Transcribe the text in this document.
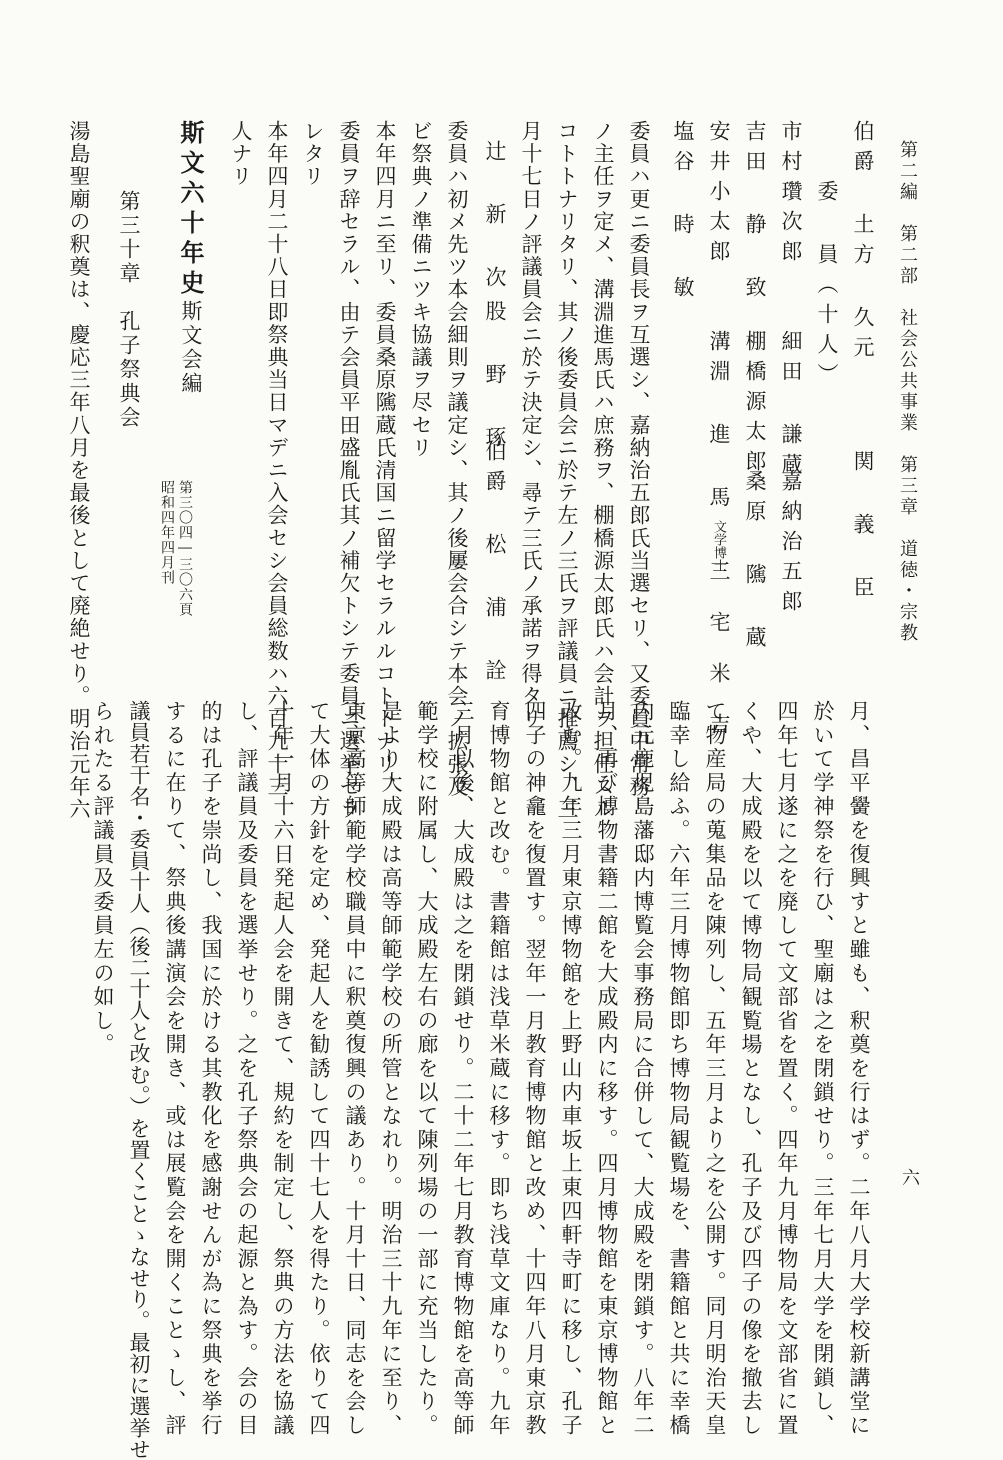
第二編　第二部　社会公共事業　第三章　道徳・宗教
六
伯爵 土方 久元
関 義 臣
委 員（十人）
市村瓚次郎
細田 謙蔵
嘉納治五郎
吉田 静 致
棚橋源太郎
桑原 隲 蔵
安井小太郎
溝淵 進 馬
文学博士
三 宅 米 吉
塩谷 時 敏
委員ハ更ニ委員長ヲ互選シ、嘉納治五郎氏当選セリ、又委員中常務
ノ主任ヲ定メ、溝淵進馬氏ハ庶務ヲ、棚橋源太郎氏ハ会計ヲ担任スル
コトトナリタリ、其ノ後委員会ニ於テ左ノ三氏ヲ評議員ニ推薦シ、三
月十七日ノ評議員会ニ於テ決定シ、尋テ三氏ノ承諾ヲ得タリ
辻 新 次
股 野 琢
伯爵 松 浦 詮
委員ハ初メ先ツ本会細則ヲ議定シ、其ノ後屢会合シテ本会ノ拡張及
ビ祭典ノ準備ニツキ協議ヲ尽セリ
本年四月ニ至リ、委員桑原隲蔵氏清国ニ留学セラルルコトトナリ、
委員ヲ辞セラル、由テ会員平田盛胤氏其ノ補欠トシテ委員ニ選挙セラ
レタリ
本年四月二十八日即祭典当日マデニ入会セシ会員総数ハ六百九十三
人ナリ
斯文六十年史
斯文会編
第三〇四―三〇六頁
昭和四年四月刊
第三十章　孔子祭典会
湯島聖廟の釈奠は、慶応三年八月を最後として廃絶せり。明治元年六
月、昌平黌を復興すと雖も、釈奠を行はず。二年八月大学校新講堂に
於いて学神祭を行ひ、聖廟は之を閉鎖せり。三年七月大学を閉鎖し、
四年七月遂に之を廃して文部省を置く。四年九月博物局を文部省に置
くや、大成殿を以て博物局観覧場となし、孔子及び四子の像を撤去し
て物産局の蒐集品を陳列し、五年三月より之を公開す。同月明治天皇
臨幸し給ふ。六年三月博物館即ち博物局観覧場を、書籍館と共に幸橋
内元鹿児島藩邸内博覧会事務局に合併して、大成殿を閉鎖す。八年二
月、再び博物書籍二館を大成殿内に移す。四月博物館を東京博物館と
改む。九年三月東京博物館を上野山内車坂上東四軒寺町に移し、孔子
四子の神龕を復置す。翌年一月教育博物館と改め、十四年八月東京教
育博物館と改む。書籍館は浅草米蔵に移す。即ち浅草文庫なり。九年
三月以後、大成殿は之を閉鎖せり。二十二年七月教育博物館を高等師
範学校に附属し、大成殿左右の廊を以て陳列場の一部に充当したり。
是より大成殿は高等師範学校の所管となれり。明治三十九年に至り、
東京高等師範学校職員中に釈奠復興の議あり。十月十日、同志を会し
て大体の方針を定め、発起人を勧誘して四十七人を得たり。依りて四
十年一月十六日発起人会を開きて、規約を制定し、祭典の方法を協議
し、評議員及委員を選挙せり。之を孔子祭典会の起源と為す。会の目
的は孔子を崇尚し、我国に於ける其教化を感謝せんが為に祭典を挙行
するに在りて、祭典後講演会を開き、或は展覧会を開くことゝし、評
議員若干名・委員十人（後二十人と改む。）を置くことゝなせり。最初に選挙せ
られたる評議員及委員左の如し。
